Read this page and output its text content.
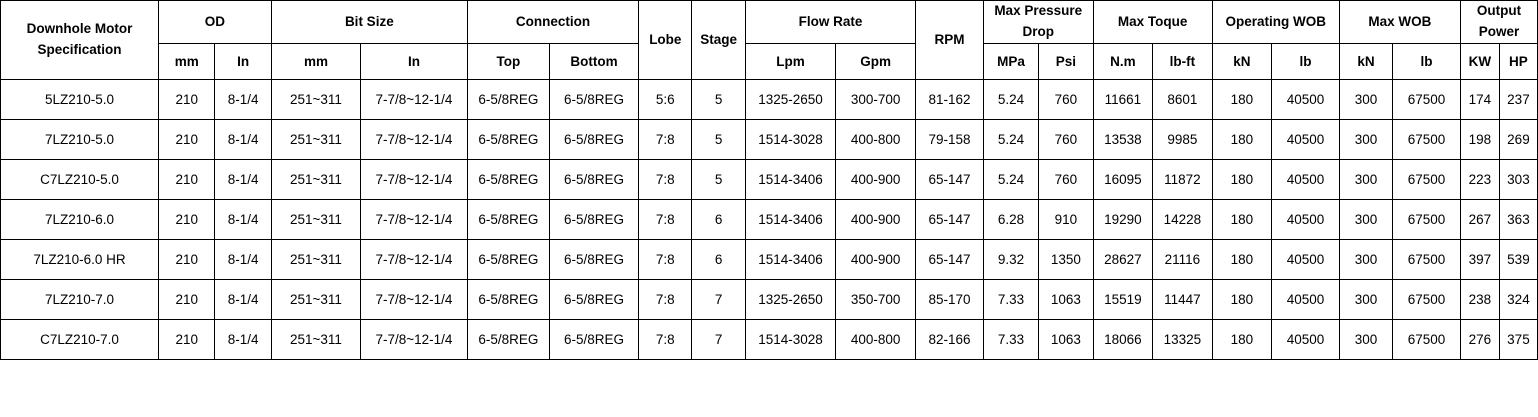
Downhole Motor Specification	OD		Bit Size		Connection		Lobe	Stage	Flow Rate		RPM	Max Pressure Drop		Max Toque		Operating WOB		Max WOB		Output Power	

	mm	In	mm	In	Top	Bottom			Lpm	Gpm		MPa	Psi	N.m	lb-ft	kN	lb	kN	lb	KW	HP
5LZ210-5.0	210	8-1/4	251~311	7-7/8~12-1/4	6-5/8REG	6-5/8REG	5:6	5	1325-2650	300-700	81-162	5.24	760	11661	8601	180	40500	300	67500	174	237
7LZ210-5.0	210	8-1/4	251~311	7-7/8~12-1/4	6-5/8REG	6-5/8REG	7:8	5	1514-3028	400-800	79-158	5.24	760	13538	9985	180	40500	300	67500	198	269
C7LZ210-5.0	210	8-1/4	251~311	7-7/8~12-1/4	6-5/8REG	6-5/8REG	7:8	5	1514-3406	400-900	65-147	5.24	760	16095	11872	180	40500	300	67500	223	303
7LZ210-6.0	210	8-1/4	251~311	7-7/8~12-1/4	6-5/8REG	6-5/8REG	7:8	6	1514-3406	400-900	65-147	6.28	910	19290	14228	180	40500	300	67500	267	363
7LZ210-6.0 HR	210	8-1/4	251~311	7-7/8~12-1/4	6-5/8REG	6-5/8REG	7:8	6	1514-3406	400-900	65-147	9.32	1350	28627	21116	180	40500	300	67500	397	539
7LZ210-7.0	210	8-1/4	251~311	7-7/8~12-1/4	6-5/8REG	6-5/8REG	7:8	7	1325-2650	350-700	85-170	7.33	1063	15519	11447	180	40500	300	67500	238	324
C7LZ210-7.0	210	8-1/4	251~311	7-7/8~12-1/4	6-5/8REG	6-5/8REG	7:8	7	1514-3028	400-800	82-166	7.33	1063	18066	13325	180	40500	300	67500	276	375
